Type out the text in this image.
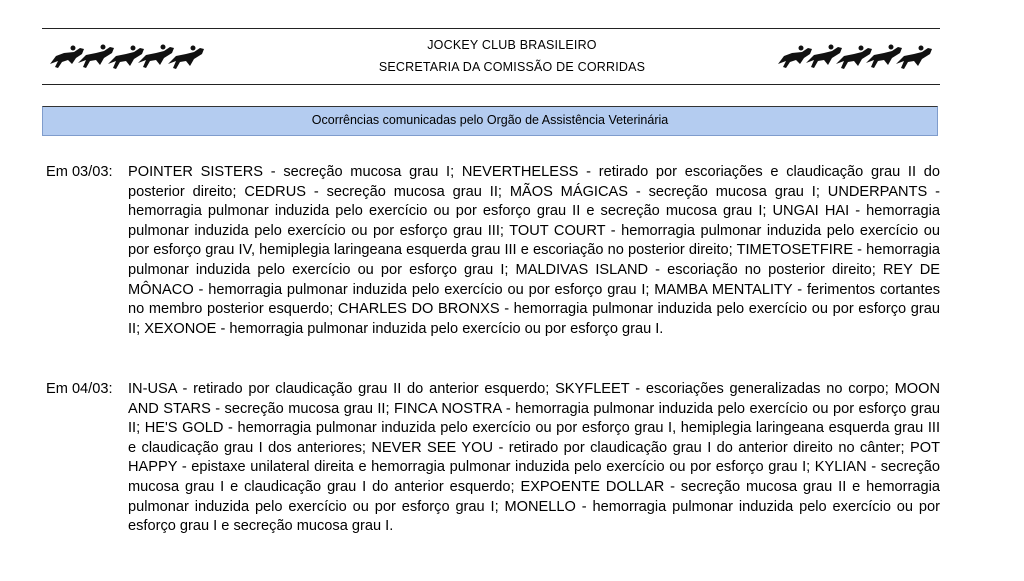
JOCKEY CLUB BRASILEIRO
SECRETARIA DA COMISSÃO DE CORRIDAS
Ocorrências comunicadas pelo Orgão de Assistência Veterinária
Em 03/03:	POINTER SISTERS - secreção mucosa grau I; NEVERTHELESS - retirado por escoriações e claudicação grau II do posterior direito; CEDRUS - secreção mucosa grau II; MÃOS MÁGICAS - secreção mucosa grau I; UNDERPANTS - hemorragia pulmonar induzida pelo exercício ou por esforço grau II e secreção mucosa grau I; UNGAI HAI - hemorragia pulmonar induzida pelo exercício ou por esforço grau III; TOUT COURT - hemorragia pulmonar induzida pelo exercício ou por esforço grau IV, hemiplegia laringeana esquerda grau III e escoriação no posterior direito; TIMETOSETFIRE - hemorragia pulmonar induzida pelo exercício ou por esforço grau I; MALDIVAS ISLAND - escoriação no posterior direito; REY DE MÔNACO - hemorragia pulmonar induzida pelo exercício ou por esforço grau I; MAMBA MENTALITY - ferimentos cortantes no membro posterior esquerdo; CHARLES DO BRONXS - hemorragia pulmonar induzida pelo exercício ou por esforço grau II; XEXONOE - hemorragia pulmonar induzida pelo exercício ou por esforço grau I.
Em 04/03:	IN-USA - retirado por claudicação grau II do anterior esquerdo; SKYFLEET - escoriações generalizadas no corpo; MOON AND STARS - secreção mucosa grau II; FINCA NOSTRA - hemorragia pulmonar induzida pelo exercício ou por esforço grau II; HE'S GOLD - hemorragia pulmonar induzida pelo exercício ou por esforço grau I, hemiplegia laringeana esquerda grau III e claudicação grau I dos anteriores; NEVER SEE YOU - retirado por claudicação grau I do anterior direito no cânter; POT HAPPY - epistaxe unilateral direita e hemorragia pulmonar induzida pelo exercício ou por esforço grau I; KYLIAN - secreção mucosa grau I e claudicação grau I do anterior esquerdo; EXPOENTE DOLLAR - secreção mucosa grau II e hemorragia pulmonar induzida pelo exercício ou por esforço grau I; MONELLO - hemorragia pulmonar induzida pelo exercício ou por esforço grau I e secreção mucosa grau I.
